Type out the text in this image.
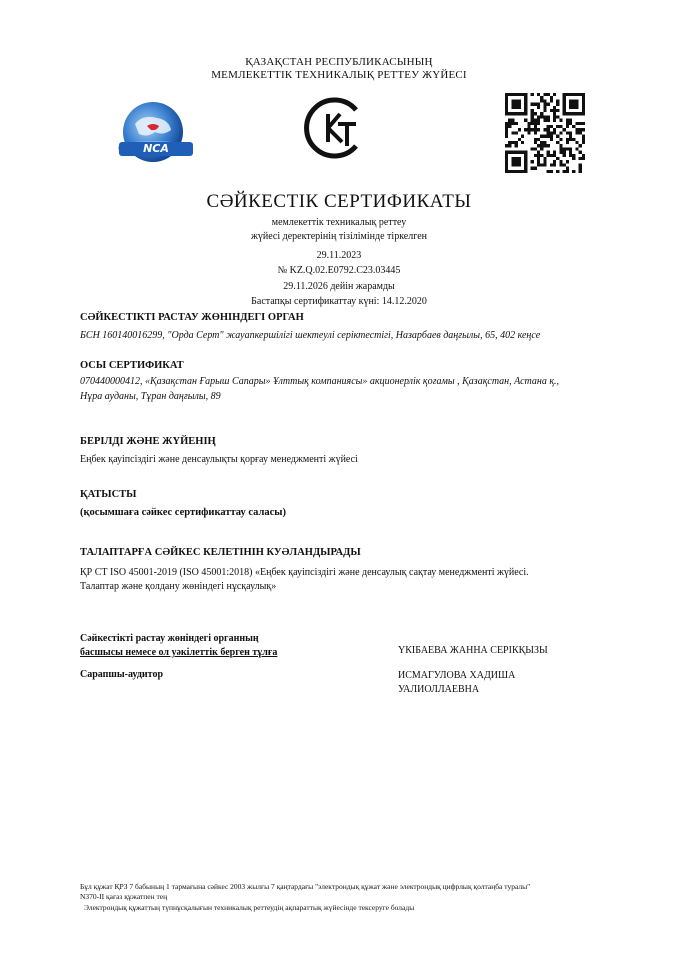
ҚАЗАҚСТАН РЕСПУБЛИКАСЫНЫҢ
МЕМЛЕКЕТТІК ТЕХНИКАЛЫҚ РЕТТЕУ ЖҮЙЕСІ
NCA
СӘЙКЕСТІК СЕРТИФИКАТЫ
мемлекеттік техникалық реттеу
жүйесі деректерінің тізілімінде тіркелген
29.11.2023
№ KZ.Q.02.E0792.C23.03445
29.11.2026 дейін жарамды
Бастапқы сертификаттау күні: 14.12.2020
СӘЙКЕСТІКТІ РАСТАУ ЖӨНІНДЕГІ ОРГАН
БСН 160140016299, "Орда Серт" жауапкершілігі шектеулі серіктестігі, Назарбаев даңғылы, 65, 402 кеңсе
ОСЫ СЕРТИФИКАТ
070440000412, «Қазақстан Ғарыш Сапары» Ұлттық компаниясы» акционерлік қоғамы , Қазақстан, Астана қ.,
Нұра ауданы, Тұран даңғылы, 89
БЕРІЛДІ ЖӘНЕ ЖҮЙЕНІҢ
Еңбек қауіпсіздігі және денсаулықты қорғау менеджменті жүйесі
ҚАТЫСТЫ
(қосымшаға сәйкес сертификаттау саласы)
ТАЛАПТАРҒА СӘЙКЕС КЕЛЕТІНІН КУӘЛАНДЫРАДЫ
ҚР СТ ISO 45001-2019 (ISO 45001:2018) «Еңбек қауіпсіздігі және денсаулық сақтау менеджменті жүйесі.
Талаптар және қолдану жөніндегі нұсқаулық»
Сәйкестікті растау жөніндегі органның
басшысы немесе ол уәкілеттік берген тұлға	ҮКІБАЕВА ЖАННА СЕРІКҚЫЗЫ
Сарапшы-аудитор	ИСМАГУЛОВА ХАДИША
УАЛИОЛЛАЕВНА
Бұл құжат ҚРЗ 7 бабының 1 тармағына сәйкес 2003 жылғы 7 қаңтардағы "электрондық құжат және электрондық цифрлық қолтаңба туралы"
N370-II қағаз құжатпен тең
Электрондық құжаттың түпнұсқалығын техникалық реттеудің ақпараттық жүйесінде тексеруге болады
